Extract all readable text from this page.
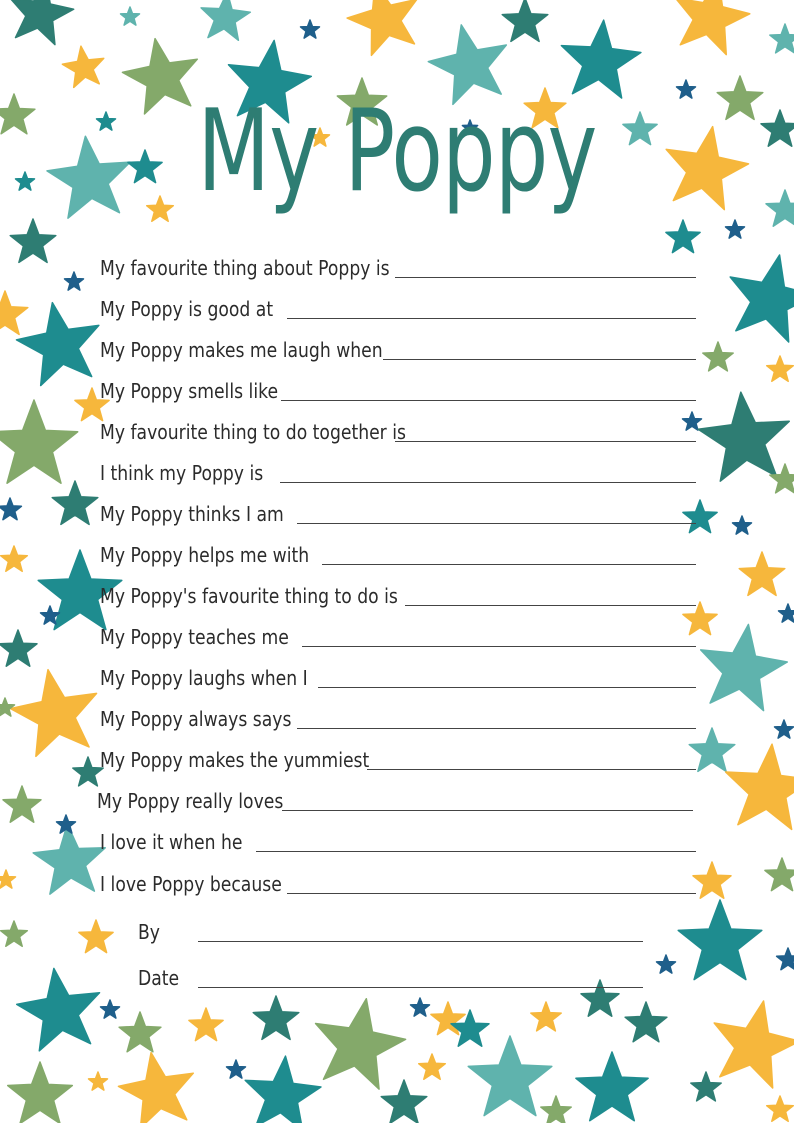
My Poppy
My favourite thing about Poppy is
My Poppy is good at
My Poppy makes me laugh when
My Poppy smells like
My favourite thing to do together is
I think my Poppy is
My Poppy thinks I am
My Poppy helps me with
My Poppy's favourite thing to do is
My Poppy teaches me
My Poppy laughs when I
My Poppy always says
My Poppy makes the yummiest
My Poppy really loves
I love it when he
I love Poppy because
By
Date
